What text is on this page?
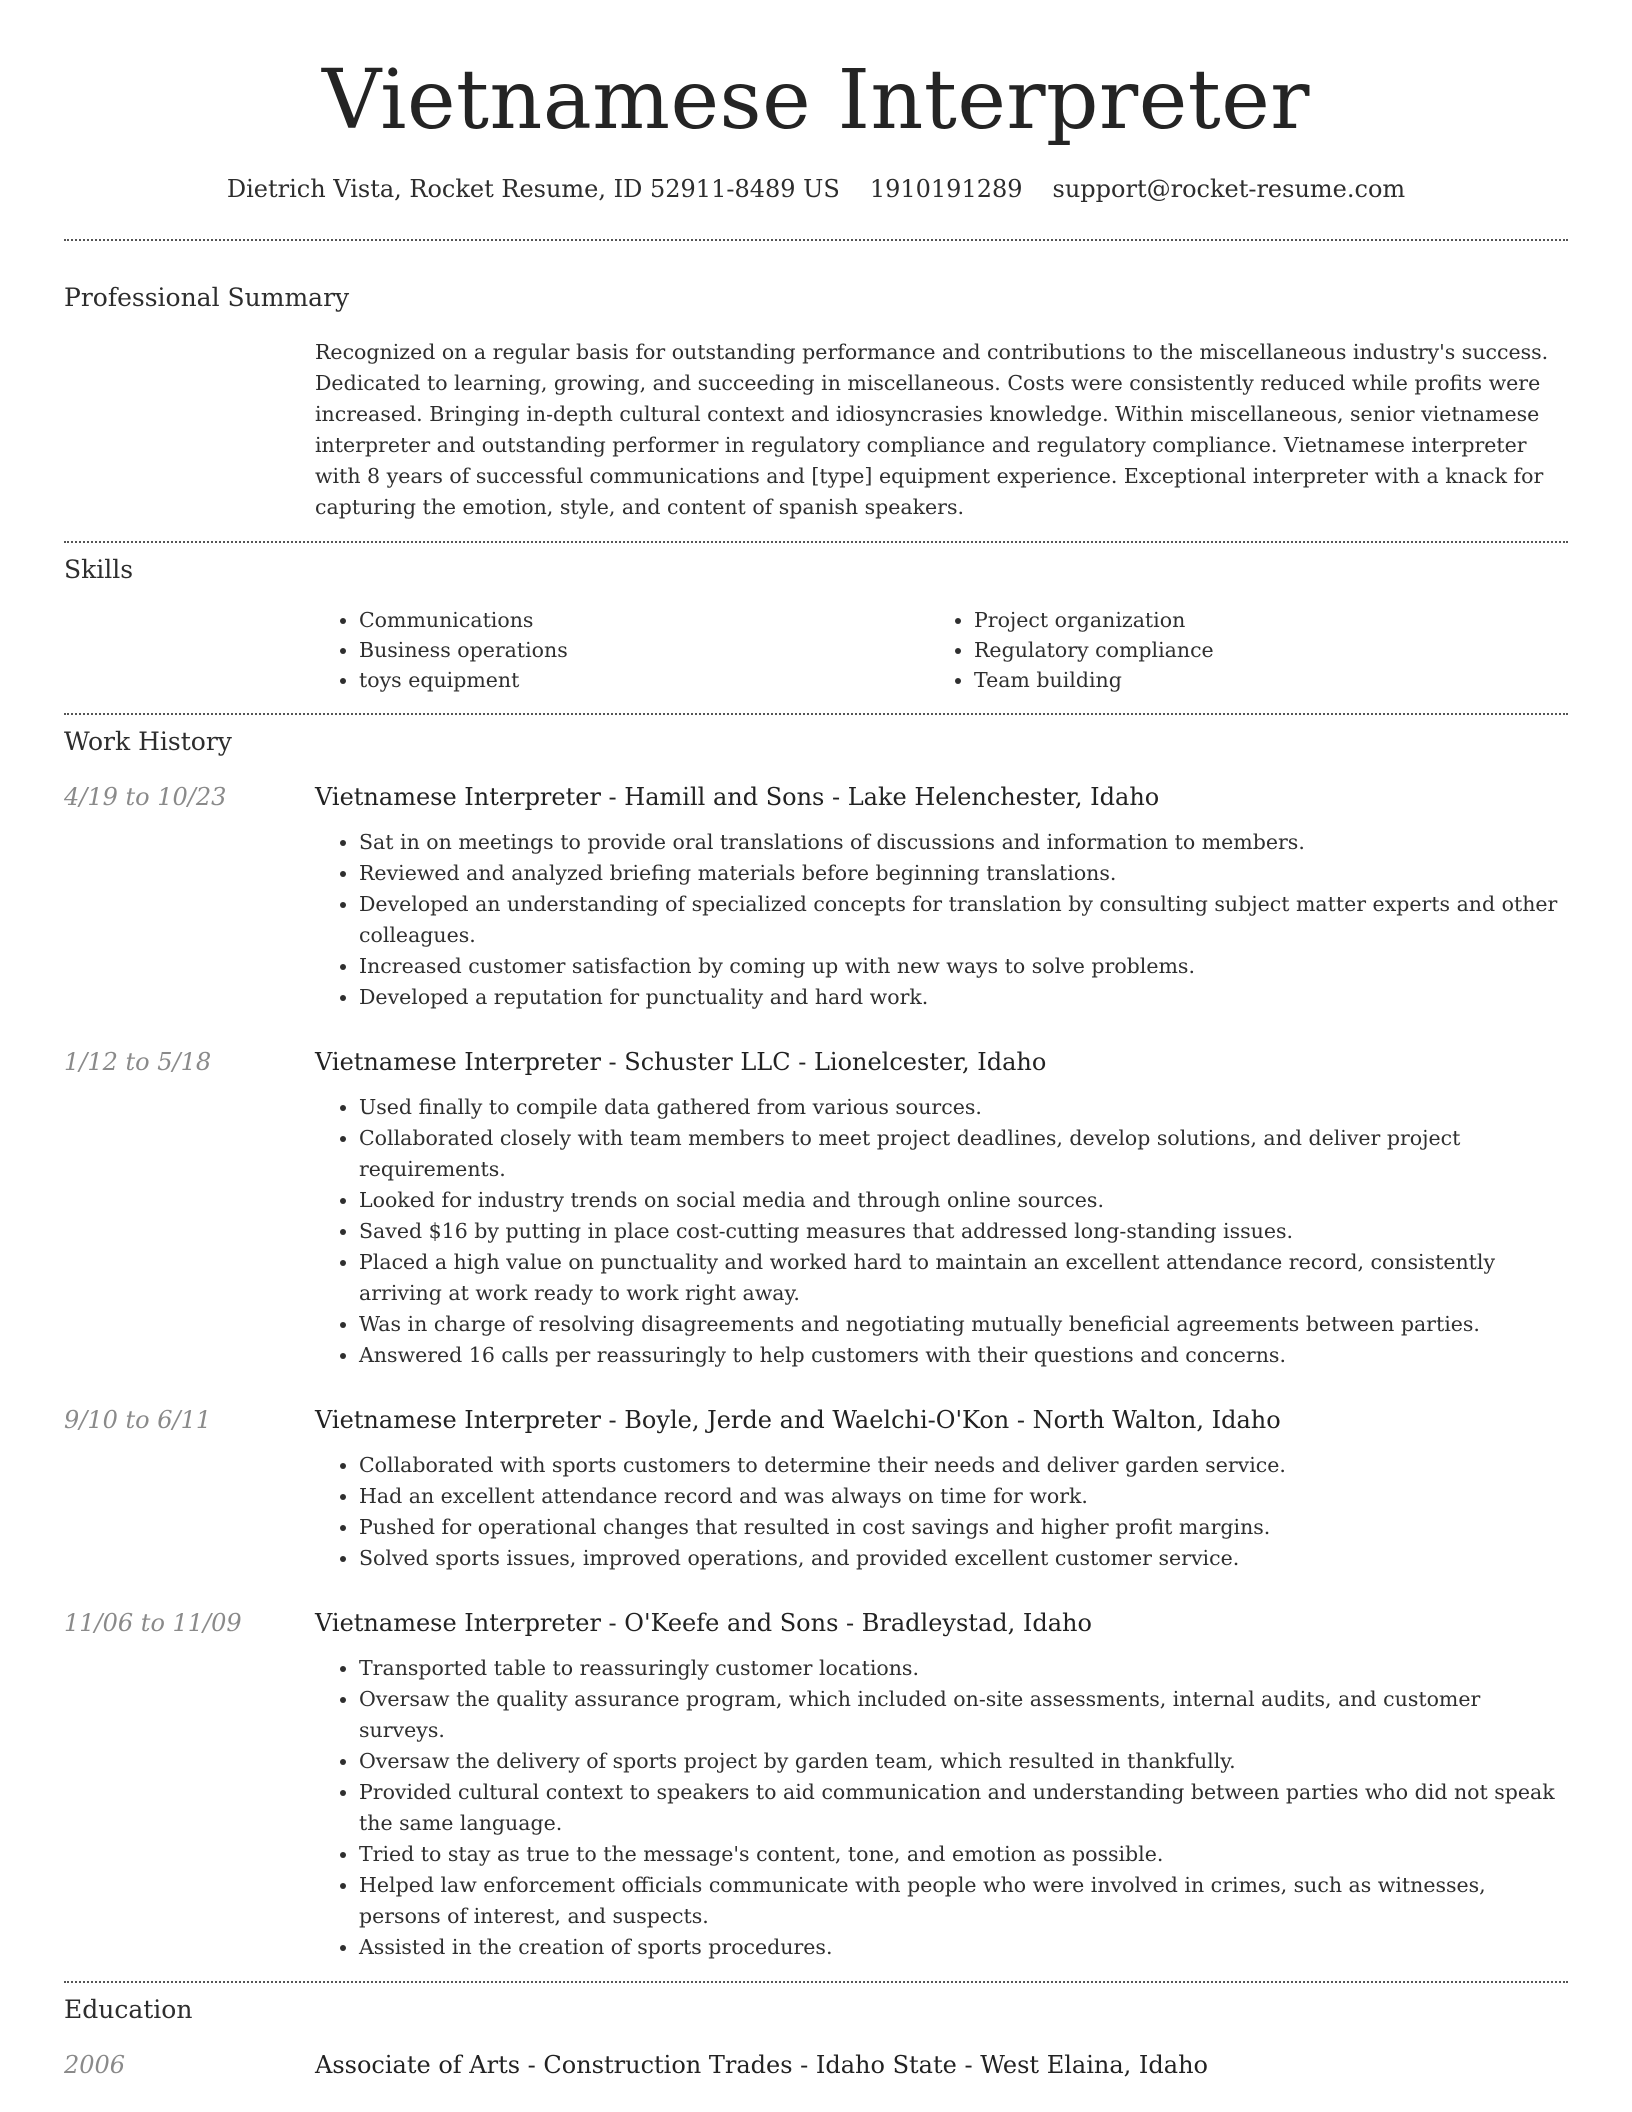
Vietnamese Interpreter
Dietrich Vista, Rocket Resume, ID 52911-8489 US 1910191289 support@rocket-resume.com
Professional Summary
Recognized on a regular basis for outstanding performance and contributions to the miscellaneous industry's success. Dedicated to learning, growing, and succeeding in miscellaneous. Costs were consistently reduced while profits were increased. Bringing in-depth cultural context and idiosyncrasies knowledge. Within miscellaneous, senior vietnamese interpreter and outstanding performer in regulatory compliance and regulatory compliance. Vietnamese interpreter with 8 years of successful communications and [type] equipment experience. Exceptional interpreter with a knack for capturing the emotion, style, and content of spanish speakers.
Skills
• Communications
• Business operations
• toys equipment
• Project organization
• Regulatory compliance
• Team building
Work History
4/19 to 10/23	Vietnamese Interpreter - Hamill and Sons - Lake Helenchester, Idaho
• Sat in on meetings to provide oral translations of discussions and information to members.
• Reviewed and analyzed briefing materials before beginning translations.
• Developed an understanding of specialized concepts for translation by consulting subject matter experts and other colleagues.
• Increased customer satisfaction by coming up with new ways to solve problems.
• Developed a reputation for punctuality and hard work.
1/12 to 5/18	Vietnamese Interpreter - Schuster LLC - Lionelcester, Idaho
• Used finally to compile data gathered from various sources.
• Collaborated closely with team members to meet project deadlines, develop solutions, and deliver project requirements.
• Looked for industry trends on social media and through online sources.
• Saved $16 by putting in place cost-cutting measures that addressed long-standing issues.
• Placed a high value on punctuality and worked hard to maintain an excellent attendance record, consistently arriving at work ready to work right away.
• Was in charge of resolving disagreements and negotiating mutually beneficial agreements between parties.
• Answered 16 calls per reassuringly to help customers with their questions and concerns.
9/10 to 6/11	Vietnamese Interpreter - Boyle, Jerde and Waelchi-O'Kon - North Walton, Idaho
• Collaborated with sports customers to determine their needs and deliver garden service.
• Had an excellent attendance record and was always on time for work.
• Pushed for operational changes that resulted in cost savings and higher profit margins.
• Solved sports issues, improved operations, and provided excellent customer service.
11/06 to 11/09	Vietnamese Interpreter - O'Keefe and Sons - Bradleystad, Idaho
• Transported table to reassuringly customer locations.
• Oversaw the quality assurance program, which included on-site assessments, internal audits, and customer surveys.
• Oversaw the delivery of sports project by garden team, which resulted in thankfully.
• Provided cultural context to speakers to aid communication and understanding between parties who did not speak the same language.
• Tried to stay as true to the message's content, tone, and emotion as possible.
• Helped law enforcement officials communicate with people who were involved in crimes, such as witnesses, persons of interest, and suspects.
• Assisted in the creation of sports procedures.
Education
2006	Associate of Arts - Construction Trades - Idaho State - West Elaina, Idaho
